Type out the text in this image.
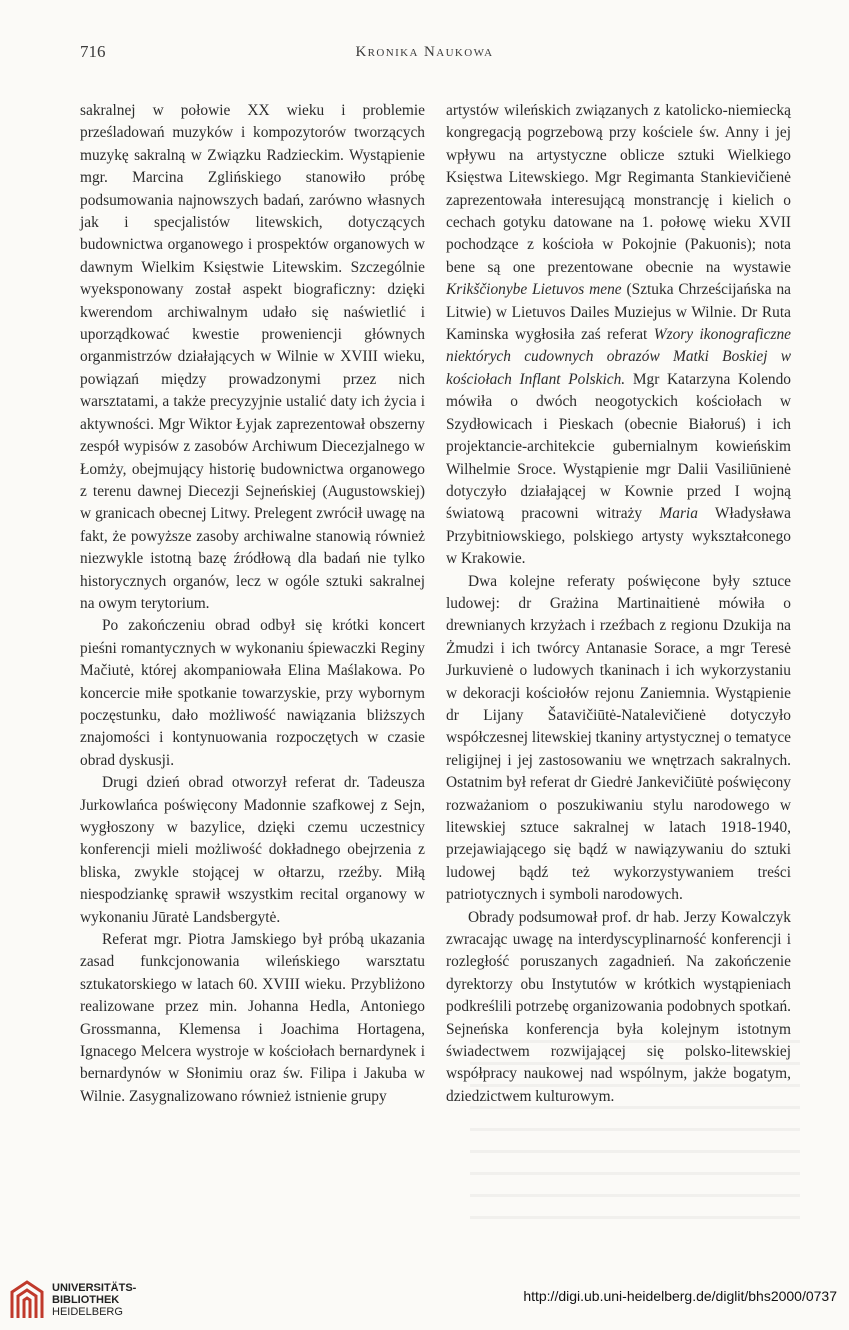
716	Kronika Naukowa

sakralnej w połowie XX wieku i problemie prześladowań muzyków i kompozytorów tworzących muzykę sakralną w Związku Radzieckim. Wystąpienie mgr. Marcina Zglińskiego stanowiło próbę podsumowania najnowszych badań, zarówno własnych jak i specjalistów litewskich, dotyczących budownictwa organowego i prospektów organowych w dawnym Wielkim Księstwie Litewskim. Szczególnie wyeksponowany został aspekt biograficzny: dzięki kwerendom archiwalnym udało się naświetlić i uporządkować kwestie proweniencji głównych organmistrzów działających w Wilnie w XVIII wieku, powiązań między prowadzonymi przez nich warsztatami, a także precyzyjnie ustalić daty ich życia i aktywności. Mgr Wiktor Łyjak zaprezentował obszerny zespół wypisów z zasobów Archiwum Diecezjalnego w Łomży, obejmujący historię budownictwa organowego z terenu dawnej Diecezji Sejneńskiej (Augustowskiej) w granicach obecnej Litwy. Prelegent zwrócił uwagę na fakt, że powyższe zasoby archiwalne stanowią również niezwykle istotną bazę źródłową dla badań nie tylko historycznych organów, lecz w ogóle sztuki sakralnej na owym terytorium.

Po zakończeniu obrad odbył się krótki koncert pieśni romantycznych w wykonaniu śpiewaczki Reginy Mačiutė, której akompaniowała Elina Maślakowa. Po koncercie miłe spotkanie towarzyskie, przy wybornym poczęstunku, dało możliwość nawiązania bliższych znajomości i kontynuowania rozpoczętych w czasie obrad dyskusji.

Drugi dzień obrad otworzył referat dr. Tadeusza Jurkowlańca poświęcony Madonnie szafkowej z Sejn, wygłoszony w bazylice, dzięki czemu uczestnicy konferencji mieli możliwość dokładnego obejrzenia z bliska, zwykle stojącej w ołtarzu, rzeźby. Miłą niespodziankę sprawił wszystkim recital organowy w wykonaniu Jūratė Landsbergytė.

Referat mgr. Piotra Jamskiego był próbą ukazania zasad funkcjonowania wileńskiego warsztatu sztukatorskiego w latach 60. XVIII wieku. Przybliżono realizowane przez min. Johanna Hedla, Antoniego Grossmanna, Klemensa i Joachima Hortagena, Ignacego Melcera wystroje w kościołach bernardynek i bernardynów w Słonimiu oraz św. Filipa i Jakuba w Wilnie. Zasygnalizowano również istnienie grupy

artystów wileńskich związanych z katolicko-niemiecką kongregacją pogrzebową przy kościele św. Anny i jej wpływu na artystyczne oblicze sztuki Wielkiego Księstwa Litewskiego. Mgr Regimanta Stankievičienė zaprezentowała interesującą monstrancję i kielich o cechach gotyku datowane na 1. połowę wieku XVII pochodzące z kościoła w Pokojnie (Pakuonis); nota bene są one prezentowane obecnie na wystawie Krikščionybe Lietuvos mene (Sztuka Chrześcijańska na Litwie) w Lietuvos Dailes Muziejus w Wilnie. Dr Ruta Kaminska wygłosiła zaś referat Wzory ikonograficzne niektórych cudownych obrazów Matki Boskiej w kościołach Inflant Polskich. Mgr Katarzyna Kolendo mówiła o dwóch neogotyckich kościołach w Szydłowicach i Pieskach (obecnie Białoruś) i ich projektancie-architekcie gubernialnym kowieńskim Wilhelmie Sroce. Wystąpienie mgr Dalii Vasiliūnienė dotyczyło działającej w Kownie przed I wojną światową pracowni witraży Maria Władysława Przybitniowskiego, polskiego artysty wykształconego w Krakowie.

Dwa kolejne referaty poświęcone były sztuce ludowej: dr Grażina Martinaitienė mówiła o drewnianych krzyżach i rzeźbach z regionu Dzukija na Żmudzi i ich twórcy Antanasie Sorace, a mgr Teresė Jurkuvienė o ludowych tkaninach i ich wykorzystaniu w dekoracji kościołów rejonu Zaniemnia. Wystąpienie dr Lijany Šatavičiūtė-Natalevičienė dotyczyło współczesnej litewskiej tkaniny artystycznej o tematyce religijnej i jej zastosowaniu we wnętrzach sakralnych. Ostatnim był referat dr Giedrė Jankevičiūtė poświęcony rozważaniom o poszukiwaniu stylu narodowego w litewskiej sztuce sakralnej w latach 1918-1940, przejawiającego się bądź w nawiązywaniu do sztuki ludowej bądź też wykorzystywaniem treści patriotycznych i symboli narodowych.

Obrady podsumował prof. dr hab. Jerzy Kowalczyk zwracając uwagę na interdyscyplinarność konferencji i rozległość poruszanych zagadnień. Na zakończenie dyrektorzy obu Instytutów w krótkich wystąpieniach podkreślili potrzebę organizowania podobnych spotkań. Sejneńska konferencja była kolejnym istotnym świadectwem rozwijającej się polsko-litewskiej współpracy naukowej nad wspólnym, jakże bogatym, dziedzictwem kulturowym.

UNIVERSITÄTS-
BIBLIOTHEK
HEIDELBERG
http://digi.ub.uni-heidelberg.de/diglit/bhs2000/0737
